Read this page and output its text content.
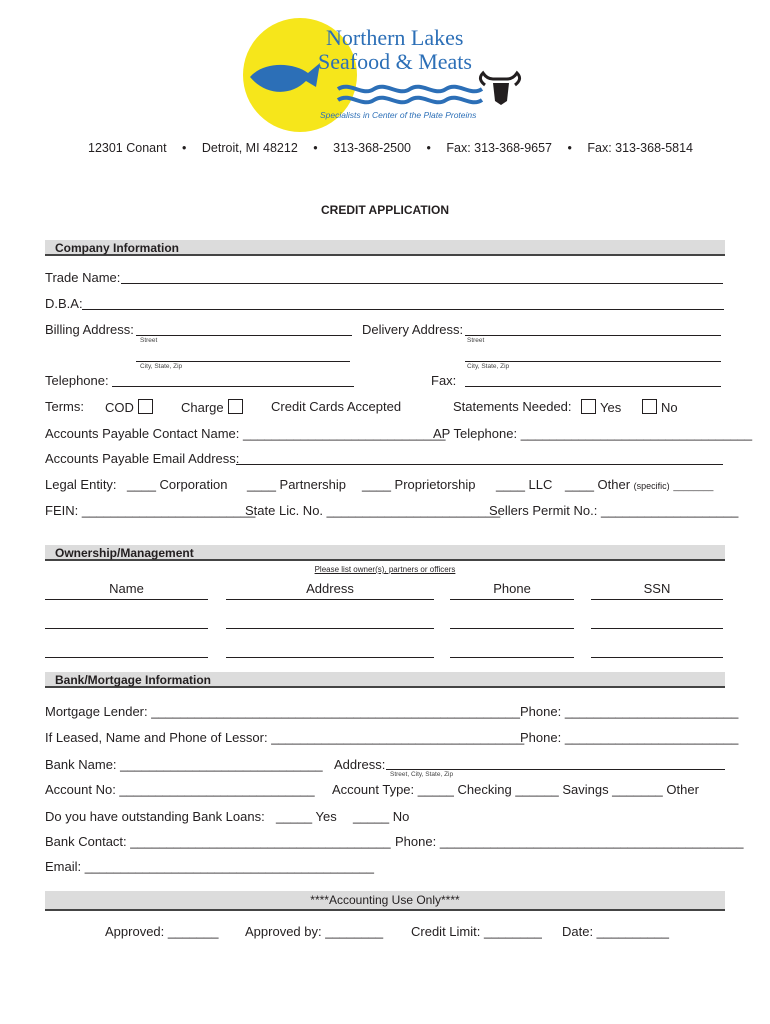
Northern Lakes
Seafood & Meats
Specialists in Center of the Plate Proteins
12301 Conant • Detroit, MI 48212 • 313-368-2500 • Fax: 313-368-9657 • Fax: 313-368-5814
CREDIT APPLICATION
Company Information
Trade Name:
D.B.A:
Billing Address:
Street
City, State, Zip
Delivery Address:
Street
City, State, Zip
Telephone:	Fax:
Terms: COD	Charge	Credit Cards Accepted	Statements Needed:	Yes	No
Accounts Payable Contact Name: ____________________________
AP Telephone: ________________________________
Accounts Payable Email Address:
Legal Entity: ____ Corporation ____ Partnership ____ Proprietorship ____ LLC ____ Other (specific) ________
FEIN: ________________________
State Lic. No. ________________________
Sellers Permit No.: ___________________
Ownership/Management
Please list owner(s), partners or officers
Name	Address	Phone	SSN
Bank/Mortgage Information
Mortgage Lender: ___________________________________________________ Phone: ________________________
If Leased, Name and Phone of Lessor: ___________________________________
Phone: ________________________
Bank Name: ____________________________ Address:
Street, City, State, Zip
Account No: ___________________________ Account Type: _____ Checking ______ Savings _______ Other
Do you have outstanding Bank Loans: _____ Yes _____ No
Bank Contact: ____________________________________ Phone: __________________________________________
Email: ________________________________________
****Accounting Use Only****
Approved: _______ Approved by: ________ Credit Limit: ________ Date: __________
